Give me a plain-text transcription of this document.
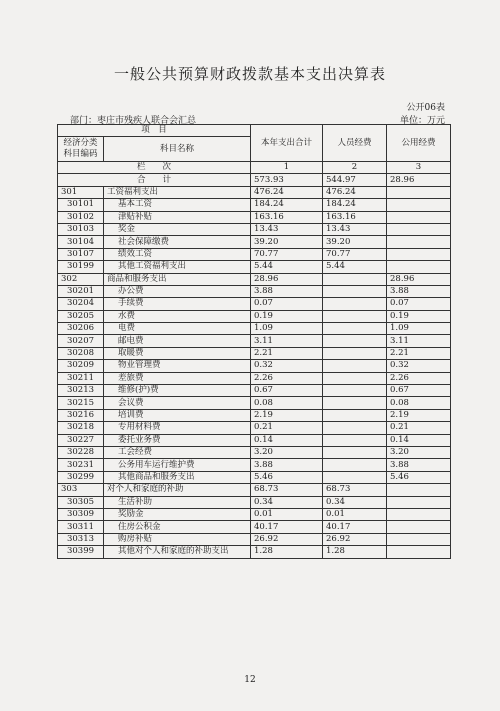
一般公共预算财政拨款基本支出决算表
公开06表
部门：枣庄市残疾人联合会汇总	单位：万元
项　目		本年支出合计	人员经费	公用经费
经济分类科目编码	科目名称			
栏　　次		1	2	3
合　　计		573.93	544.97	28.96
301	工资福利支出	476.24	476.24	
30101	基本工资	184.24	184.24	
30102	津贴补贴	163.16	163.16	
30103	奖金	13.43	13.43	
30104	社会保障缴费	39.20	39.20	
30107	绩效工资	70.77	70.77	
30199	其他工资福利支出	5.44	5.44	
302	商品和服务支出	28.96		28.96
30201	办公费	3.88		3.88
30204	手续费	0.07		0.07
30205	水费	0.19		0.19
30206	电费	1.09		1.09
30207	邮电费	3.11		3.11
30208	取暖费	2.21		2.21
30209	物业管理费	0.32		0.32
30211	差旅费	2.26		2.26
30213	维修(护)费	0.67		0.67
30215	会议费	0.08		0.08
30216	培训费	2.19		2.19
30218	专用材料费	0.21		0.21
30227	委托业务费	0.14		0.14
30228	工会经费	3.20		3.20
30231	公务用车运行维护费	3.88		3.88
30299	其他商品和服务支出	5.46		5.46
303	对个人和家庭的补助	68.73	68.73	
30305	生活补助	0.34	0.34	
30309	奖励金	0.01	0.01	
30311	住房公积金	40.17	40.17	
30313	购房补贴	26.92	26.92	
30399	其他对个人和家庭的补助支出	1.28	1.28	
12
